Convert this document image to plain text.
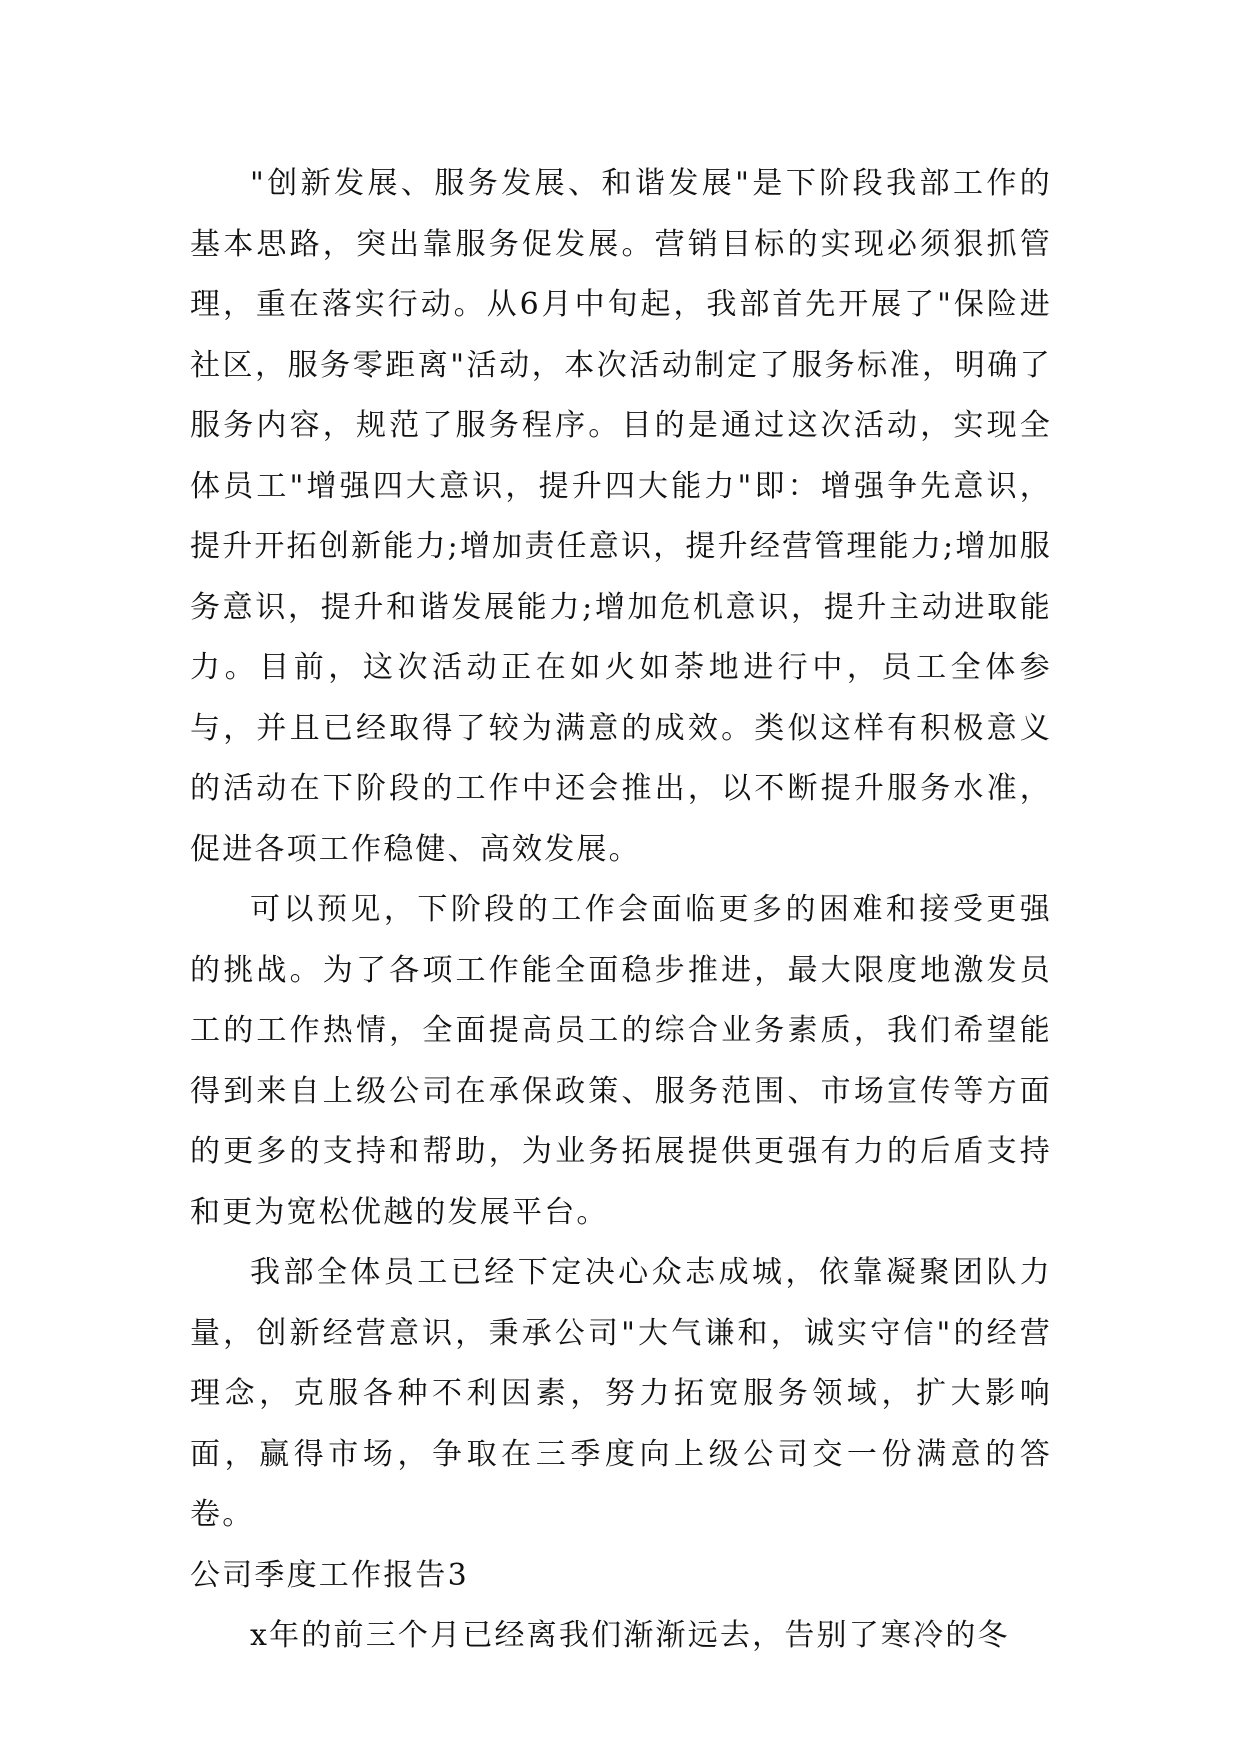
"创新发展、服务发展、和谐发展"是下阶段我部工作的基本思路，突出靠服务促发展。营销目标的实现必须狠抓管理，重在落实行动。从6月中旬起，我部首先开展了"保险进社区，服务零距离"活动，本次活动制定了服务标准，明确了服务内容，规范了服务程序。目的是通过这次活动，实现全体员工"增强四大意识，提升四大能力"即：增强争先意识，提升开拓创新能力;增加责任意识，提升经营管理能力;增加服务意识，提升和谐发展能力;增加危机意识，提升主动进取能力。目前，这次活动正在如火如荼地进行中，员工全体参与，并且已经取得了较为满意的成效。类似这样有积极意义的活动在下阶段的工作中还会推出，以不断提升服务水准，促进各项工作稳健、高效发展。

可以预见，下阶段的工作会面临更多的困难和接受更强的挑战。为了各项工作能全面稳步推进，最大限度地激发员工的工作热情，全面提高员工的综合业务素质，我们希望能得到来自上级公司在承保政策、服务范围、市场宣传等方面的更多的支持和帮助，为业务拓展提供更强有力的后盾支持和更为宽松优越的发展平台。

我部全体员工已经下定决心众志成城，依靠凝聚团队力量，创新经营意识，秉承公司"大气谦和，诚实守信"的经营理念，克服各种不利因素，努力拓宽服务领域，扩大影响面，赢得市场，争取在三季度向上级公司交一份满意的答卷。

公司季度工作报告3

x年的前三个月已经离我们渐渐远去，告别了寒冷的冬
